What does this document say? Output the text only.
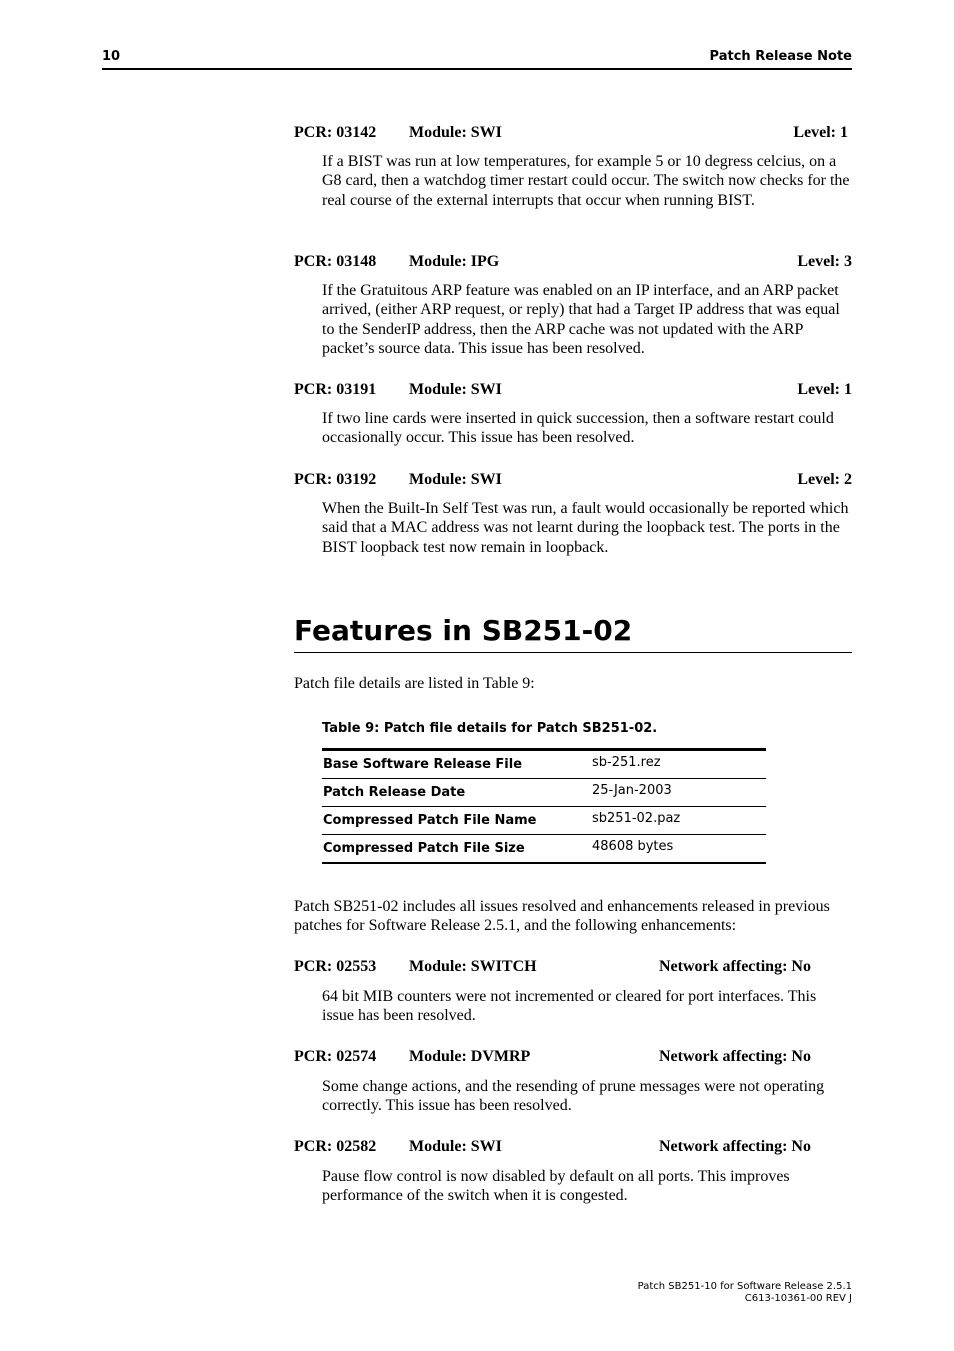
10	Patch Release Note
PCR: 03142 Module: SWI	Level: 1
If a BIST was run at low temperatures, for example 5 or 10 degress celcius, on a G8 card, then a watchdog timer restart could occur. The switch now checks for the real course of the external interrupts that occur when running BIST.
PCR: 03148 Module: IPG	Level: 3
If the Gratuitous ARP feature was enabled on an IP interface, and an ARP packet arrived, (either ARP request, or reply) that had a Target IP address that was equal to the SenderIP address, then the ARP cache was not updated with the ARP packet’s source data. This issue has been resolved.
PCR: 03191 Module: SWI	Level: 1
If two line cards were inserted in quick succession, then a software restart could occasionally occur. This issue has been resolved.
PCR: 03192 Module: SWI	Level: 2
When the Built-In Self Test was run, a fault would occasionally be reported which said that a MAC address was not learnt during the loopback test. The ports in the BIST loopback test now remain in loopback.
Features in SB251-02
Patch file details are listed in Table 9:
Table 9: Patch file details for Patch SB251-02.
Base Software Release File	sb-251.rez
Patch Release Date	25-Jan-2003
Compressed Patch File Name	sb251-02.paz
Compressed Patch File Size	48608 bytes
Patch SB251-02 includes all issues resolved and enhancements released in previous patches for Software Release 2.5.1, and the following enhancements:
PCR: 02553 Module: SWITCH	Network affecting: No
64 bit MIB counters were not incremented or cleared for port interfaces. This issue has been resolved.
PCR: 02574 Module: DVMRP	Network affecting: No
Some change actions, and the resending of prune messages were not operating correctly. This issue has been resolved.
PCR: 02582 Module: SWI	Network affecting: No
Pause flow control is now disabled by default on all ports. This improves performance of the switch when it is congested.
Patch SB251-10 for Software Release 2.5.1
C613-10361-00 REV J
